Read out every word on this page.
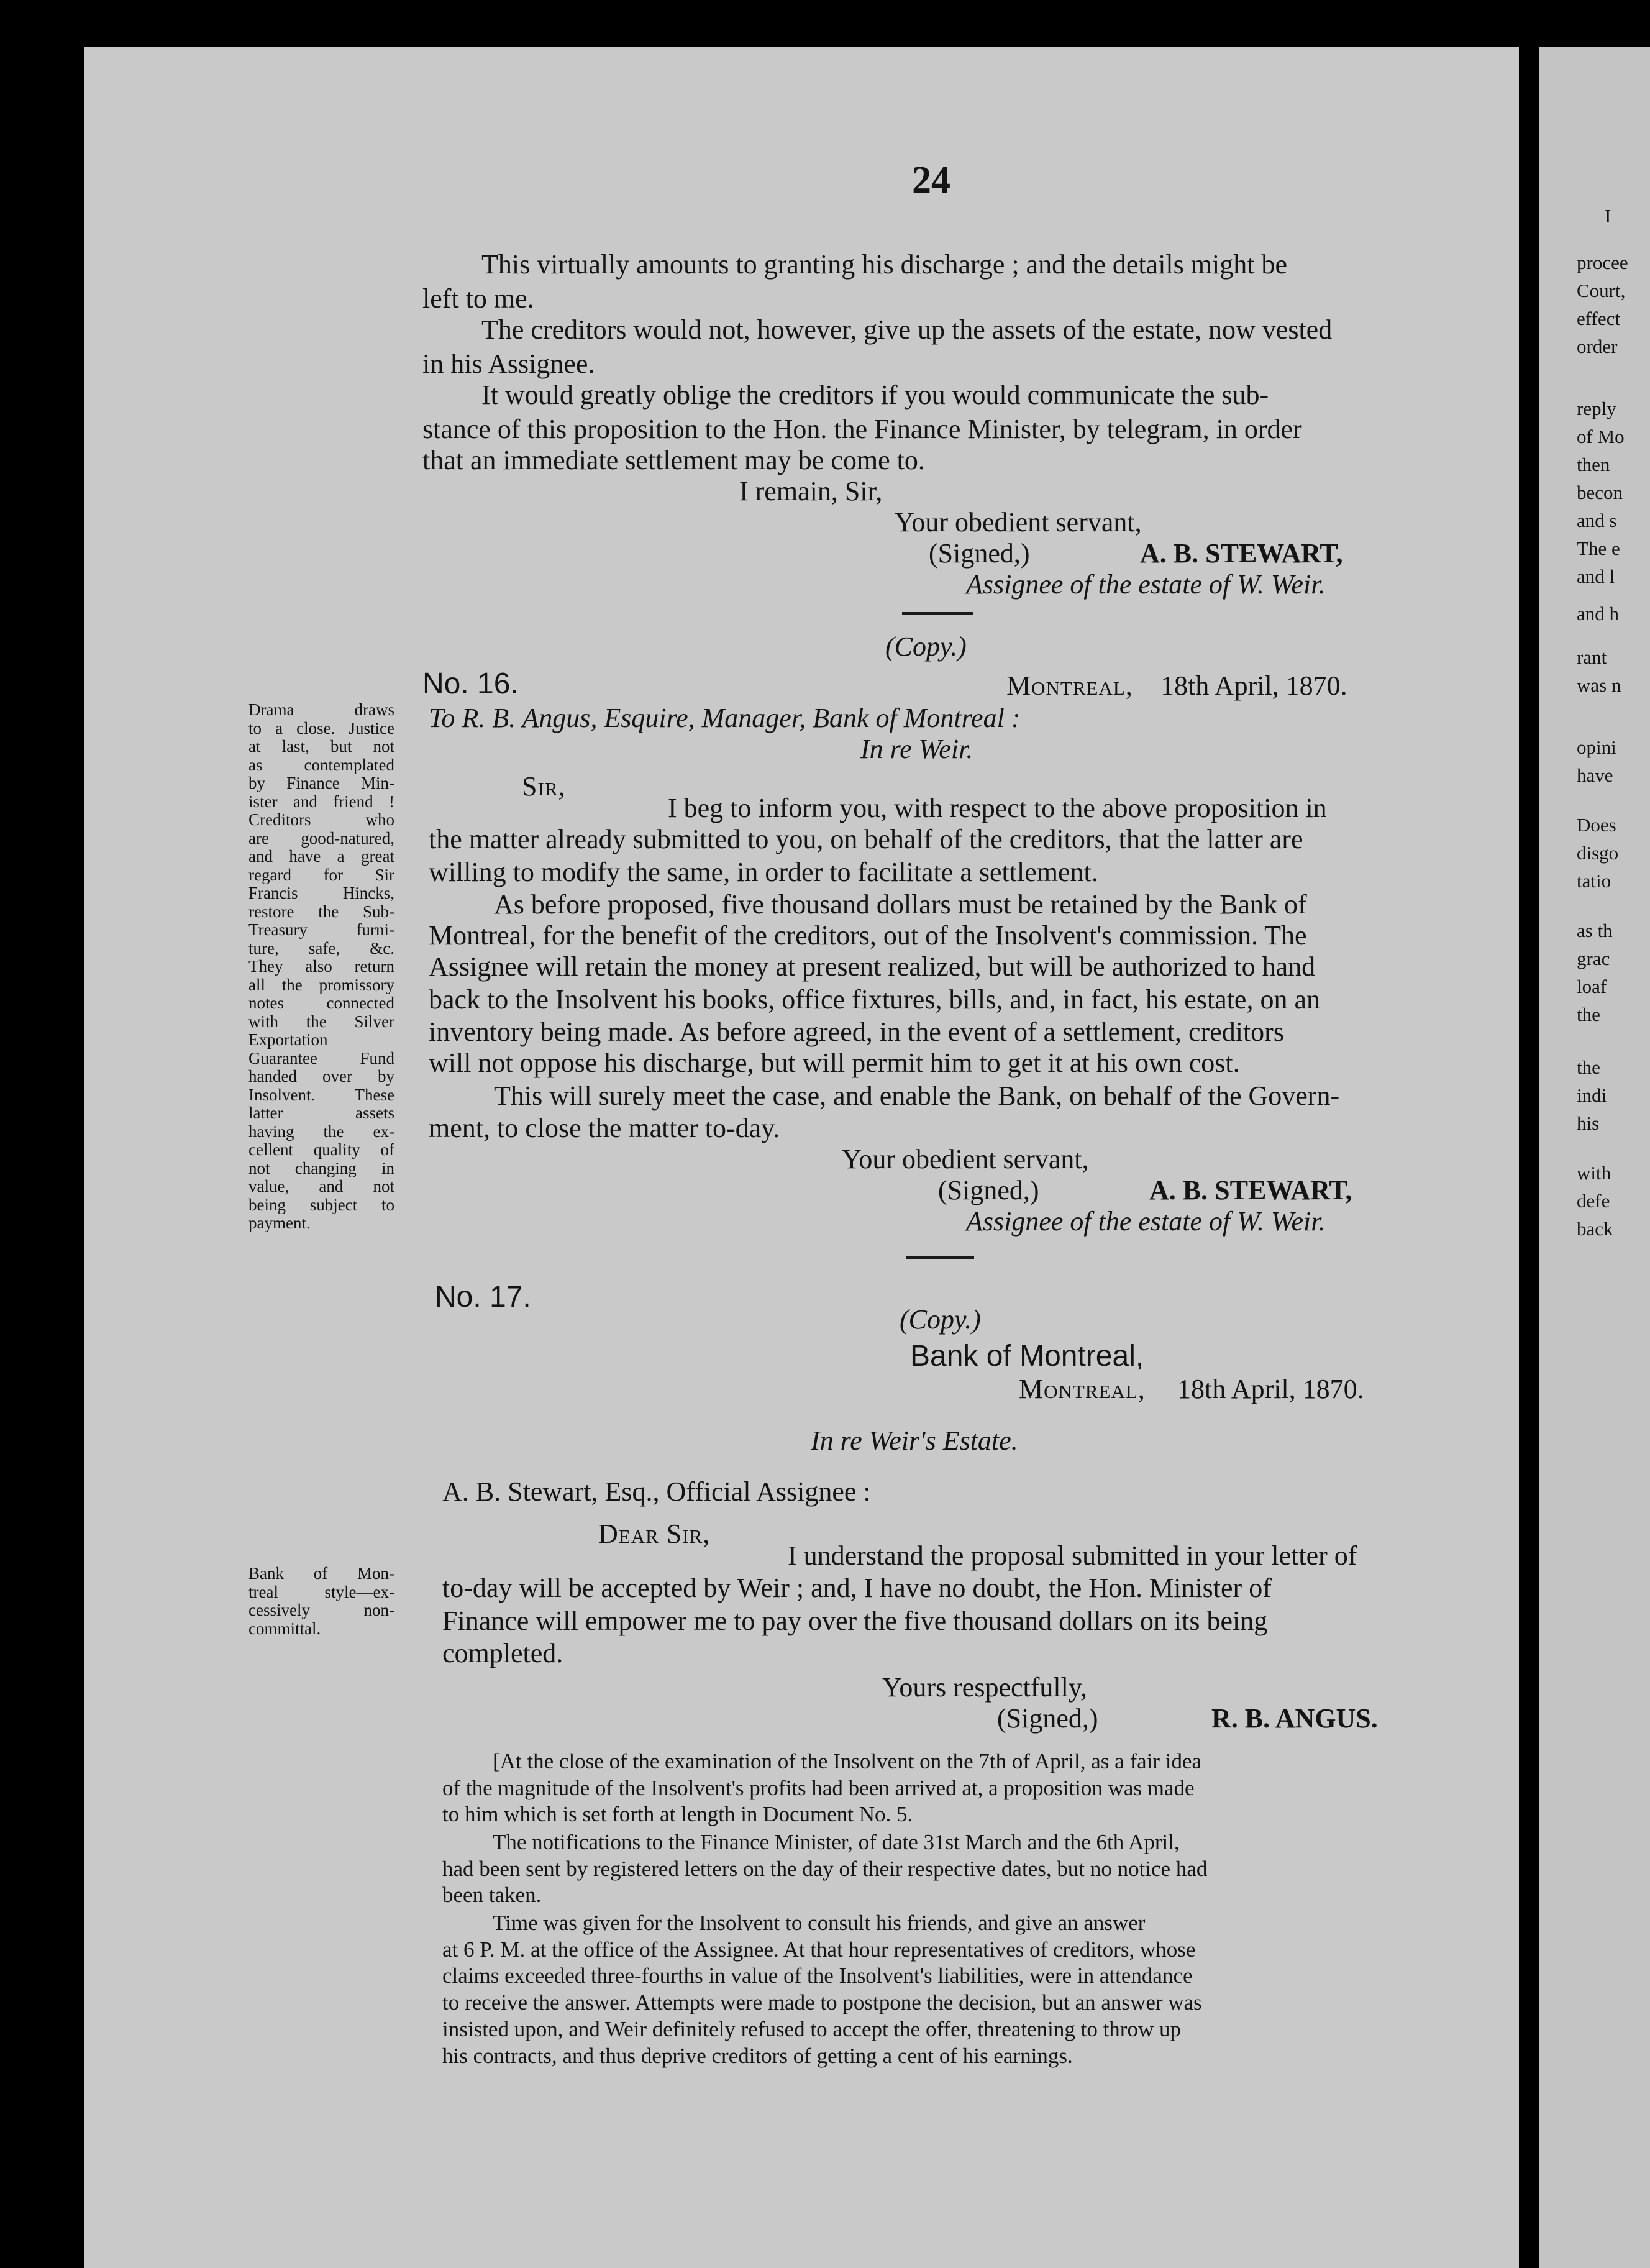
I
procee
Court,
effect
order
reply
of Mo
then
becon
and s
The e
and l
and h
rant
was n
opini
have
Does
disgo
tatio
as th
grac
loaf
the
the
indi
his
with
defe
back
24
This virtually amounts to granting his discharge ; and the details might be
left to me.
The creditors would not, however, give up the assets of the estate, now vested
in his Assignee.
It would greatly oblige the creditors if you would communicate the sub-
stance of this proposition to the Hon. the Finance Minister, by telegram, in order
that an immediate settlement may be come to.
I remain, Sir,
Your obedient servant,
(Signed,)	A. B. STEWART,
Assignee of the estate of W. Weir.
(Copy.)
No. 16.	Montreal, 18th April, 1870.
To R. B. Angus, Esquire, Manager, Bank of Montreal :
In re Weir.
Sir,
I beg to inform you, with respect to the above proposition in
the matter already submitted to you, on behalf of the creditors, that the latter are
willing to modify the same, in order to facilitate a settlement.
As before proposed, five thousand dollars must be retained by the Bank of
Montreal, for the benefit of the creditors, out of the Insolvent's commission. The
Assignee will retain the money at present realized, but will be authorized to hand
back to the Insolvent his books, office fixtures, bills, and, in fact, his estate, on an
inventory being made. As before agreed, in the event of a settlement, creditors
will not oppose his discharge, but will permit him to get it at his own cost.
This will surely meet the case, and enable the Bank, on behalf of the Govern-
ment, to close the matter to-day.
Your obedient servant,
(Signed,)	A. B. STEWART,
Assignee of the estate of W. Weir.
Drama draws
to a close. Justice
at last, but not
as contemplated
by Finance Min-
ister and friend !
Creditors who
are good-natured,
and have a great
regard for Sir
Francis Hincks,
restore the Sub-
Treasury furni-
ture, safe, &c.
They also return
all the promissory
notes connected
with the Silver
Exportation
Guarantee Fund
handed over by
Insolvent. These
latter assets
having the ex-
cellent quality of
not changing in
value, and not
being subject to
payment.
No. 17.
(Copy.)
Bank of Montreal,
Montreal, 18th April, 1870.
In re Weir's Estate.
A. B. Stewart, Esq., Official Assignee :
Dear Sir,
I understand the proposal submitted in your letter of
to-day will be accepted by Weir ; and, I have no doubt, the Hon. Minister of
Finance will empower me to pay over the five thousand dollars on its being
completed.
Yours respectfully,
(Signed,)	R. B. ANGUS.
Bank of Mon-
treal style—ex-
cessively non-
committal.
[At the close of the examination of the Insolvent on the 7th of April, as a fair idea
of the magnitude of the Insolvent's profits had been arrived at, a proposition was made
to him which is set forth at length in Document No. 5.
The notifications to the Finance Minister, of date 31st March and the 6th April,
had been sent by registered letters on the day of their respective dates, but no notice had
been taken.
Time was given for the Insolvent to consult his friends, and give an answer
at 6 P. M. at the office of the Assignee. At that hour representatives of creditors, whose
claims exceeded three-fourths in value of the Insolvent's liabilities, were in attendance
to receive the answer. Attempts were made to postpone the decision, but an answer was
insisted upon, and Weir definitely refused to accept the offer, threatening to throw up
his contracts, and thus deprive creditors of getting a cent of his earnings.
